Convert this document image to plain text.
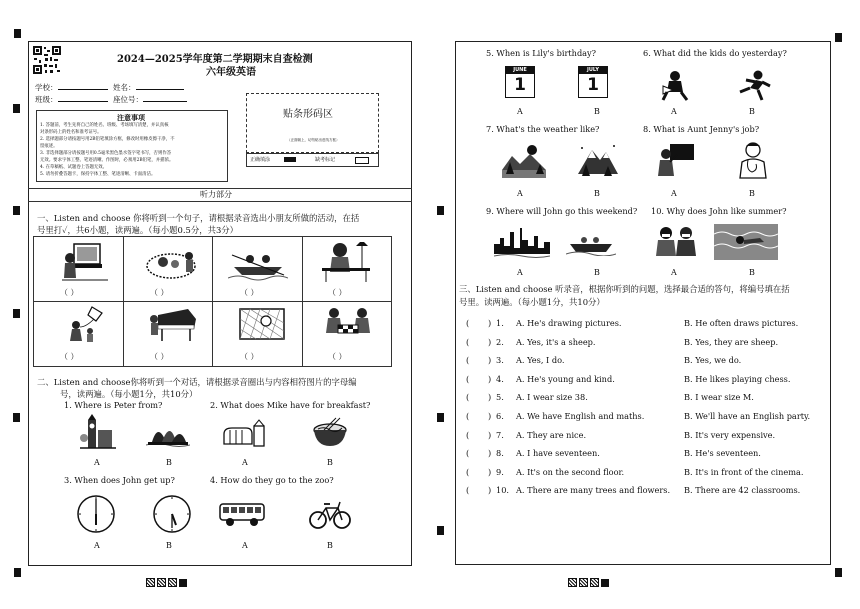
2024—2025学年度第二学期期末自查检测
六年级英语
学校：	姓名：
班级：	座位号：
注意事项
1. 答题前，考生先将自己的姓名、班级、考场填写清楚，并认真核
对条形码上的姓名和准考证号。
2. 选择题部分请按题号用2B铅笔填涂方框，修改时用橡皮擦干净，不
留痕迹。
3. 非选择题部分请按题号用0.5毫米黑色墨水签字笔书写，否则作答
无效。要求字体工整、笔迹清晰。作图时，必须用2B铅笔，并描浓。
4. 在草稿纸、试题卷上答题无效。
5. 请勿折叠答题卡，保持字体工整、笔迹清晰、卡面清洁。
贴条形码区
（正面朝上，切勿贴出虚线方框）
正确填涂	缺考标记
听力部分
一、Listen and choose 你将听到一个句子，请根据录音选出小朋友所做的活动，在括
号里打✓，共6小题，读两遍。（每小题0.5分，共3分）
（ ）	（ ）	（ ）	（ ）
（ ）	（ ）	（ ）	（ ）
二、Listen and choose你将听到一个对话，请根据录音圈出与内容相符图片的字母编
号，读两遍。（每小题1分，共10分）
1. Where is Peter from?	2. What does Mike have for breakfast?
A	B	A	B
3. When does John get up?	4. How do they go to the zoo?
A	B	A	B
5. When is Lily's birthday?	6. What did the kids do yesterday?
JUNE
1
JULY
1
A	B	A	B
7. What's the weather like?	8. What is Aunt Jenny's job?
A	B	A	B
9. Where will John go this weekend? 10. Why does John like summer?
A	B	A	B
三、Listen and choose 听录音，根据你听到的问题，选择最合适的答句，将编号填在括
号里。读两遍。（每小题1分，共10分）
( ) 1. A. He's drawing pictures.	B. He often draws pictures.
( ) 2. A. Yes, it's a sheep.	B. Yes, they are sheep.
( ) 3. A. Yes, I do.	B. Yes, we do.
( ) 4. A. He's young and kind.	B. He likes playing chess.
( ) 5. A. I wear size 38.	B. I wear size M.
( ) 6. A. We have English and maths.	B. We'll have an English party.
( ) 7. A. They are nice.	B. It's very expensive.
( ) 8. A. I have seventeen.	B. He's seventeen.
( ) 9. A. It's on the second floor.	B. It's in front of the cinema.
( ) 10. A. There are many trees and flowers. B. There are 42 classrooms.
